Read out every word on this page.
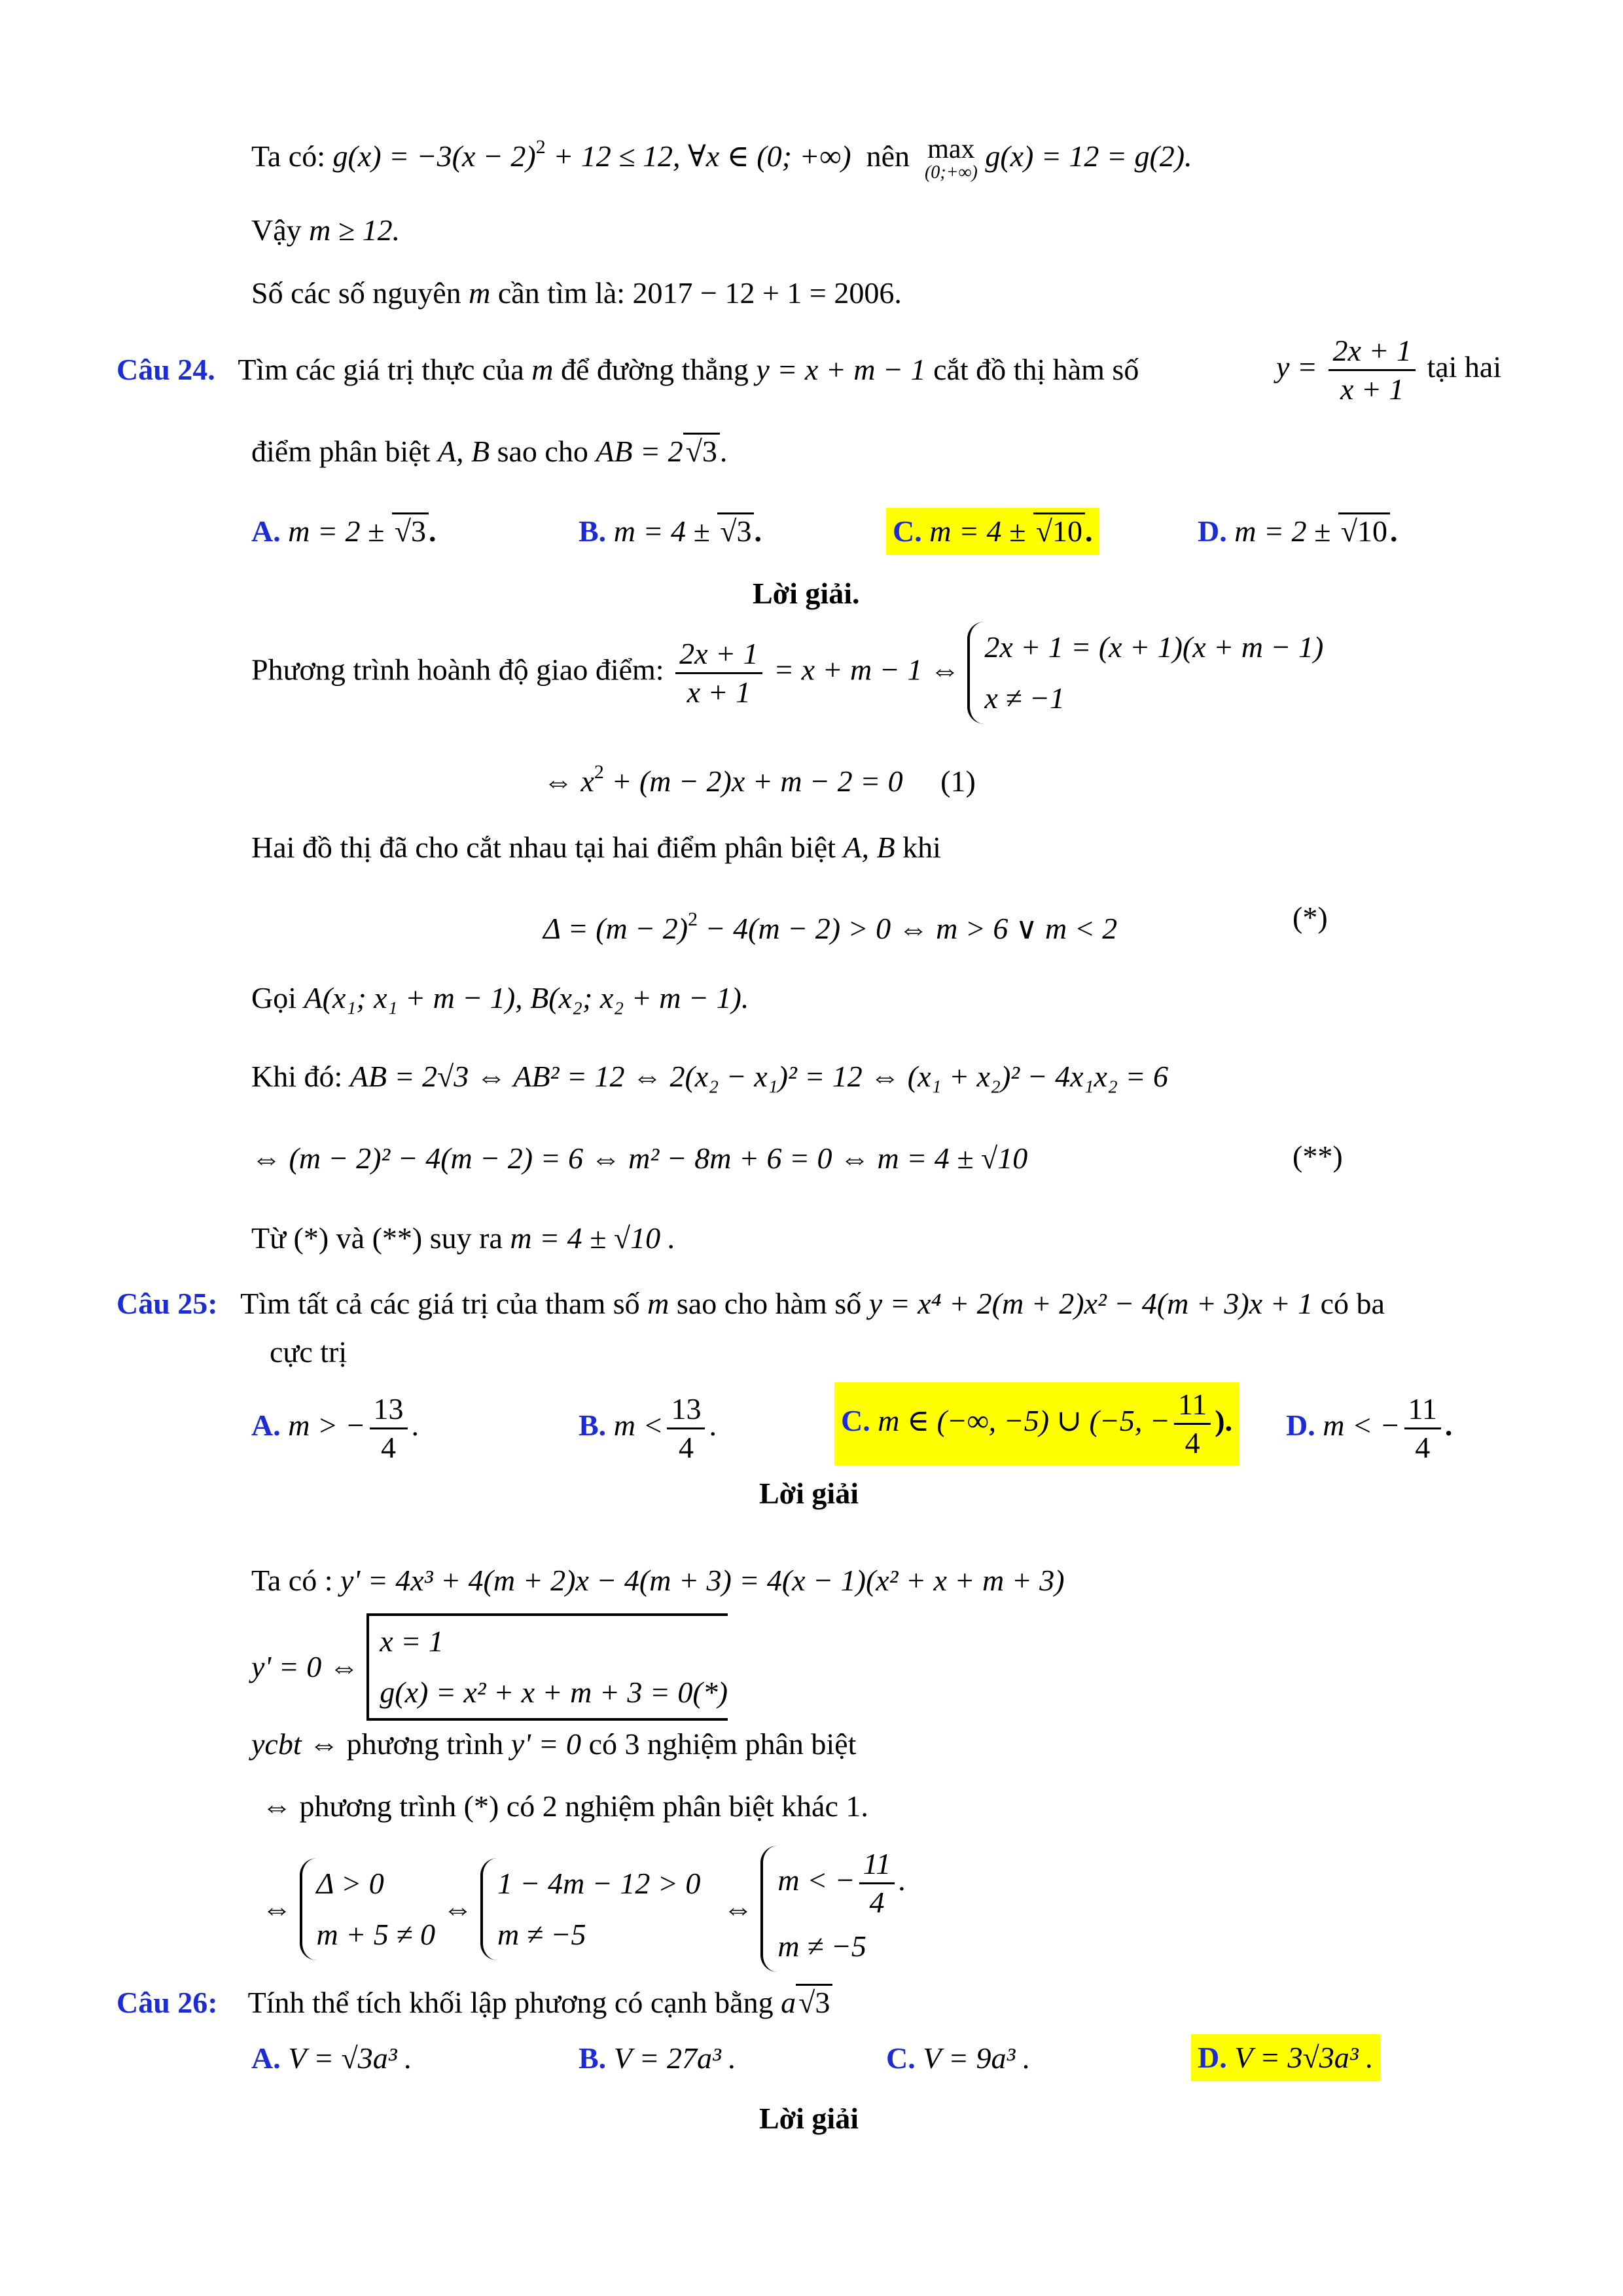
Ta có: $g(x) = -3(x - 2)^2 + 12 \le 12$, ∀x ∈ (0; +∞) nên max
(0;+∞) g(x) = 12 = g(2).
Vậy m ≥ 12.
Số các số nguyên m cần tìm là: 2017 − 12 + 1 = 2006.
Câu 24. Tìm các giá trị thực của m để đường thẳng y = x + m − 1 cắt đồ thị hàm số	$y = \frac{2x + 1}{x + 1}$ tại hai
điểm phân biệt A, B sao cho AB = 2√3.
A. m = 2 ± √3.	B. m = 4 ± √3.	C. m = 4 ± √10.	D. m = 2 ± √10.
Lời giải.
Phương trình hoành độ giao điểm: $\frac{2x + 1}{x + 1} = x + m - 1$ ⇔
2x + 1 = (x + 1)(x + m − 1)
x ≠ −1
⇔ $x^2 + (m - 2)x + m - 2 = 0$ (1)
Hai đồ thị đã cho cắt nhau tại hai điểm phân biệt A, B khi
$\Delta = (m - 2)^2 - 4(m - 2) > 0$ ⇔ m > 6 ∨ m < 2	(*)
Gọi A(x₁; x₁ + m − 1), B(x₂; x₂ + m − 1).
Khi đó: AB = 2√3 ⇔ AB² = 12 ⇔ 2(x₂ − x₁)² = 12 ⇔ (x₁ + x₂)² − 4x₁x₂ = 6
⇔ (m − 2)² − 4(m − 2) = 6 ⇔ m² − 8m + 6 = 0 ⇔ m = 4 ± √10	(**)
Từ (*) và (**) suy ra m = 4 ± √10 .
Câu 25: Tìm tất cả các giá trị của tham số m sao cho hàm số y = x⁴ + 2(m + 2)x² − 4(m + 3)x + 1 có ba
cực trị
A. m > − $\frac{13}{4}$ .	B. $m < \frac{13}{4}$ .	C. m ∈ (−∞, −5) ∪ (−5, − $\frac{11}{4}$ ). D. m < − $\frac{11}{4}$ .
Lời giải
Ta có : y' = 4x³ + 4(m + 2)x − 4(m + 3) = 4(x − 1)(x² + x + m + 3)
y' = 0 ⇔
x = 1
g(x) = x² + x + m + 3 = 0(*)
ycbt ⇔ phương trình y' = 0 có 3 nghiệm phân biệt
⇔ phương trình (*) có 2 nghiệm phân biệt khác 1.
⇔
Δ > 0
m + 5 ≠ 0
⇔
1 − 4m − 12 > 0
m ≠ −5
⇔
m < − $\frac{11}{4}$ .
m ≠ −5
Câu 26: Tính thể tích khối lập phương có cạnh bằng a√3
A. V = √3a³ .	B. V = 27a³ .	C. V = 9a³ .	D. V = 3√3a³ .
Lời giải
